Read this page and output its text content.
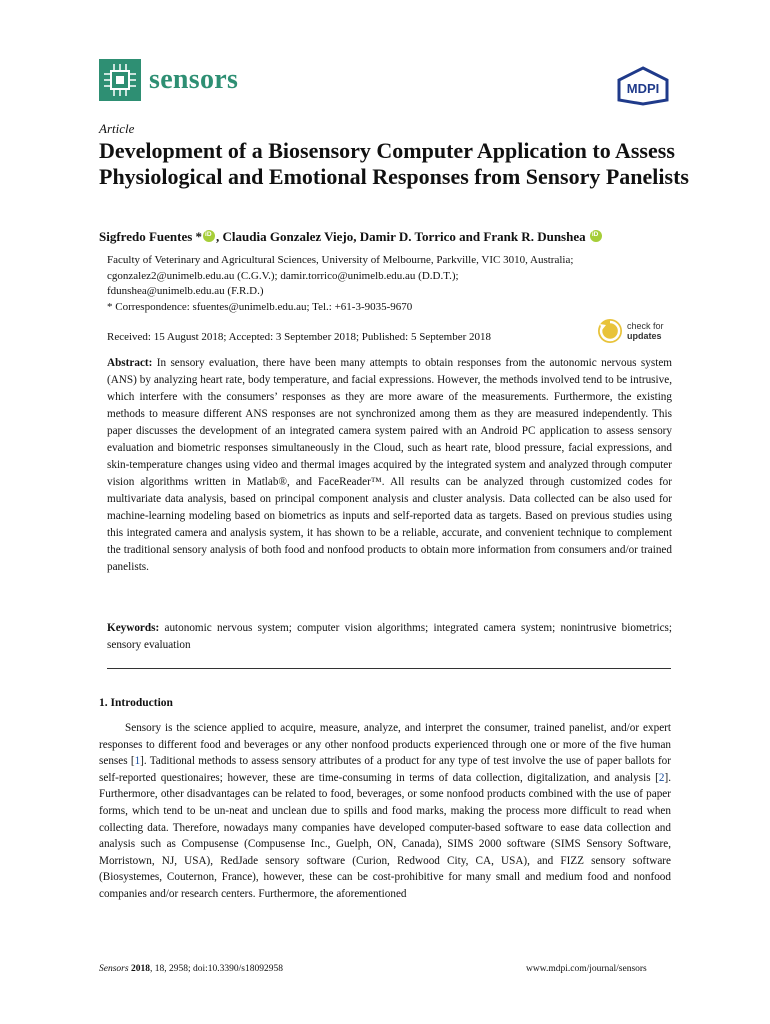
sensors	MDPI
Article
Development of a Biosensory Computer Application to Assess Physiological and Emotional Responses from Sensory Panelists
Sigfredo Fuentes *iD , Claudia Gonzalez Viejo, Damir D. Torrico and Frank R. Dunshea iD
Faculty of Veterinary and Agricultural Sciences, University of Melbourne, Parkville, VIC 3010, Australia;
cgonzalez2@unimelb.edu.au (C.G.V.); damir.torrico@unimelb.edu.au (D.D.T.);
fdunshea@unimelb.edu.au (F.R.D.)
* Correspondence: sfuentes@unimelb.edu.au; Tel.: +61-3-9035-9670
Received: 15 August 2018; Accepted: 3 September 2018; Published: 5 September 2018
check for
updates
Abstract: In sensory evaluation, there have been many attempts to obtain responses from the autonomic nervous system (ANS) by analyzing heart rate, body temperature, and facial expressions. However, the methods involved tend to be intrusive, which interfere with the consumers’ responses as they are more aware of the measurements. Furthermore, the existing methods to measure different ANS responses are not synchronized among them as they are measured independently. This paper discusses the development of an integrated camera system paired with an Android PC application to assess sensory evaluation and biometric responses simultaneously in the Cloud, such as heart rate, blood pressure, facial expressions, and skin-temperature changes using video and thermal images acquired by the integrated system and analyzed through computer vision algorithms written in Matlab®, and FaceReader™. All results can be analyzed through customized codes for multivariate data analysis, based on principal component analysis and cluster analysis. Data collected can be also used for machine-learning modeling based on biometrics as inputs and self-reported data as targets. Based on previous studies using this integrated camera and analysis system, it has shown to be a reliable, accurate, and convenient technique to complement the traditional sensory analysis of both food and nonfood products to obtain more information from consumers and/or trained panelists.
Keywords: autonomic nervous system; computer vision algorithms; integrated camera system; nonintrusive biometrics; sensory evaluation
1. Introduction

Sensory is the science applied to acquire, measure, analyze, and interpret the consumer, trained panelist, and/or expert responses to different food and beverages or any other nonfood products experienced through one or more of the five human senses [1]. Taditional methods to assess sensory attributes of a product for any type of test involve the use of paper ballots for self-reported questionaires; however, these are time-consuming in terms of data collection, digitalization, and analysis [2]. Furthermore, other disadvantages can be related to food, beverages, or some nonfood products combined with the use of paper forms, which tend to be un-neat and unclean due to spills and food marks, making the process more difficult to read when collecting data. Therefore, nowadays many companies have developed computer-based software to ease data collection and analysis such as Compusense (Compusense Inc., Guelph, ON, Canada), SIMS 2000 software (SIMS Sensory Software, Morristown, NJ, USA), RedJade sensory software (Curion, Redwood City, CA, USA), and FIZZ sensory software (Biosystemes, Couternon, France), however, these can be cost-prohibitive for many small and medium food and nonfood companies and/or research centers. Furthermore, the aforementioned

Sensors 2018, 18, 2958; doi:10.3390/s18092958	www.mdpi.com/journal/sensors
